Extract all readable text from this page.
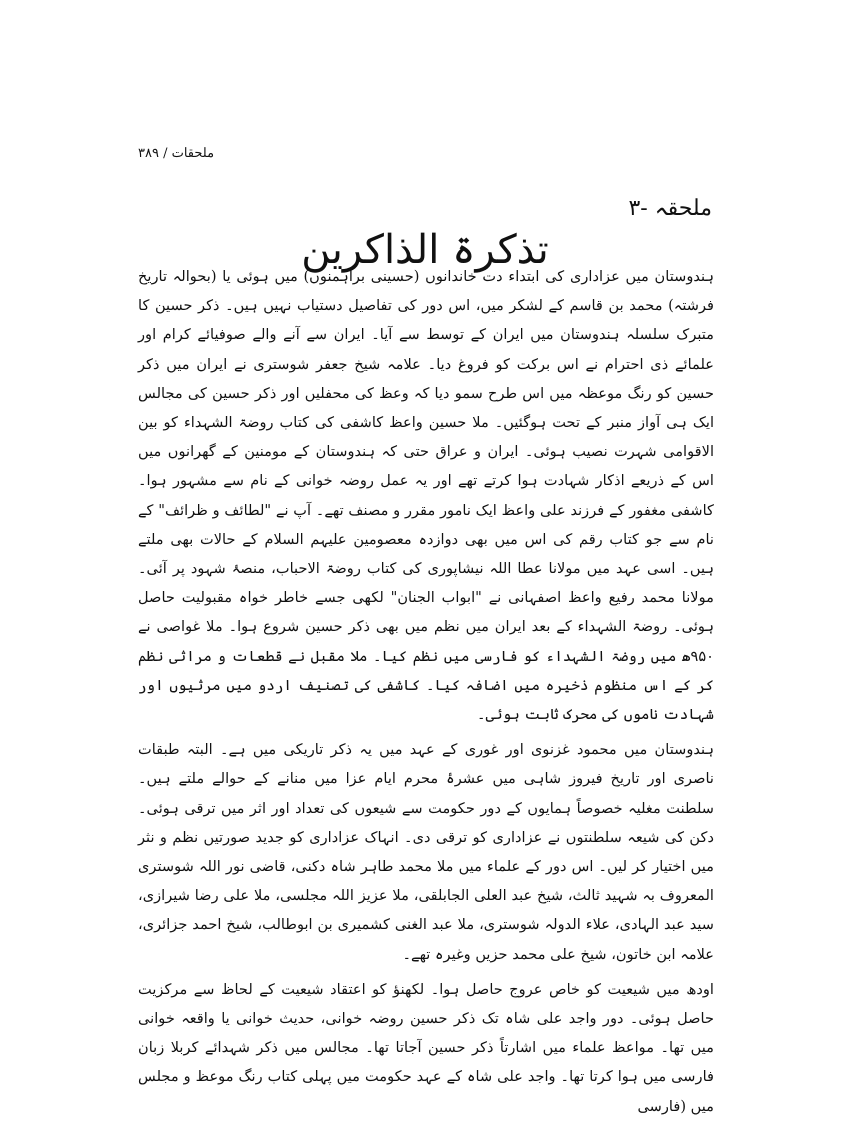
ملحقات / ۳۸۹
ملحقہ -۳
تذکرۃ الذاکرین

ہندوستان میں عزاداری کی ابتداء دت خاندانوں (حسینی براہمنوں) میں ہوئی یا (بحوالہ تاریخ فرشتہ) محمد بن قاسم کے لشکر میں، اس دور کی تفاصیل دستیاب نہیں ہیں۔ ذکر حسین کا متبرک سلسلہ ہندوستان میں ایران کے توسط سے آیا۔ ایران سے آنے والے صوفیائے کرام اور علمائے ذی احترام نے اس برکت کو فروغ دیا۔ علامہ شیخ جعفر شوستری نے ایران میں ذکر حسین کو رنگ موعظہ میں اس طرح سمو دیا کہ وعظ کی محفلیں اور ذکر حسین کی مجالس ایک ہی آواز منبر کے تحت ہوگئیں۔ ملا حسین واعظ کاشفی کی کتاب روضۃ الشہداء کو بین الاقوامی شہرت نصیب ہوئی۔ ایران و عراق حتی کہ ہندوستان کے مومنین کے گھرانوں میں اس کے ذریعے اذکار شہادت ہوا کرتے تھے اور یہ عمل روضہ خوانی کے نام سے مشہور ہوا۔ کاشفی مغفور کے فرزند علی واعظ ایک نامور مقرر و مصنف تھے۔ آپ نے "لطائف و ظرائف" کے نام سے جو کتاب رقم کی اس میں بھی دوازدہ معصومین علیہم السلام کے حالات بھی ملتے ہیں۔ اسی عہد میں مولانا عطا اللہ نیشاپوری کی کتاب روضۃ الاحباب، منصۂ شہود پر آئی۔ مولانا محمد رفیع واعظ اصفہانی نے "ابواب الجنان" لکھی جسے خاطر خواہ مقبولیت حاصل ہوئی۔ روضۃ الشہداء کے بعد ایران میں نظم میں بھی ذکر حسین شروع ہوا۔ ملا غواصی نے ۹۵۰ھ میں روضۃ الشہداء کو فارسی میں نظم کیا۔ ملا مقبل نے قطعات و مراثی نظم کر کے اس منظوم ذخیرہ میں اضافہ کیا۔ کاشفی کی تصنیف اردو میں مرثیوں اور شہادت ناموں کی محرک ثابت ہوئی۔

ہندوستان میں محمود غزنوی اور غوری کے عہد میں یہ ذکر تاریکی میں ہے۔ البتہ طبقات ناصری اور تاریخ فیروز شاہی میں عشرۂ محرم ایام عزا میں منانے کے حوالے ملتے ہیں۔ سلطنت مغلیہ خصوصاً ہمایوں کے دور حکومت سے شیعوں کی تعداد اور اثر میں ترقی ہوئی۔ دکن کی شیعہ سلطنتوں نے عزاداری کو ترقی دی۔ انہاک عزاداری کو جدید صورتیں نظم و نثر میں اختیار کر لیں۔ اس دور کے علماء میں ملا محمد طاہر شاہ دکنی، قاضی نور اللہ شوستری المعروف بہ شہید ثالث، شیخ عبد العلی الجابلقی، ملا عزیز اللہ مجلسی، ملا علی رضا شیرازی، سید عبد الہادی، علاء الدولہ شوستری، ملا عبد الغنی کشمیری بن ابوطالب، شیخ احمد جزائری، علامہ ابن خاتون، شیخ علی محمد حزیں وغیرہ تھے۔

اودھ میں شیعیت کو خاص عروج حاصل ہوا۔ لکھنؤ کو اعتقاد شیعیت کے لحاظ سے مرکزیت حاصل ہوئی۔ دور واجد علی شاہ تک ذکر حسین روضہ خوانی، حدیث خوانی یا واقعہ خوانی میں تھا۔ مواعظ علماء میں اشارتاً ذکر حسین آجاتا تھا۔ مجالس میں ذکر شہدائے کربلا زبان فارسی میں ہوا کرتا تھا۔ واجد علی شاہ کے عہد حکومت میں پہلی کتاب رنگ موعظ و مجلس میں (فارسی
